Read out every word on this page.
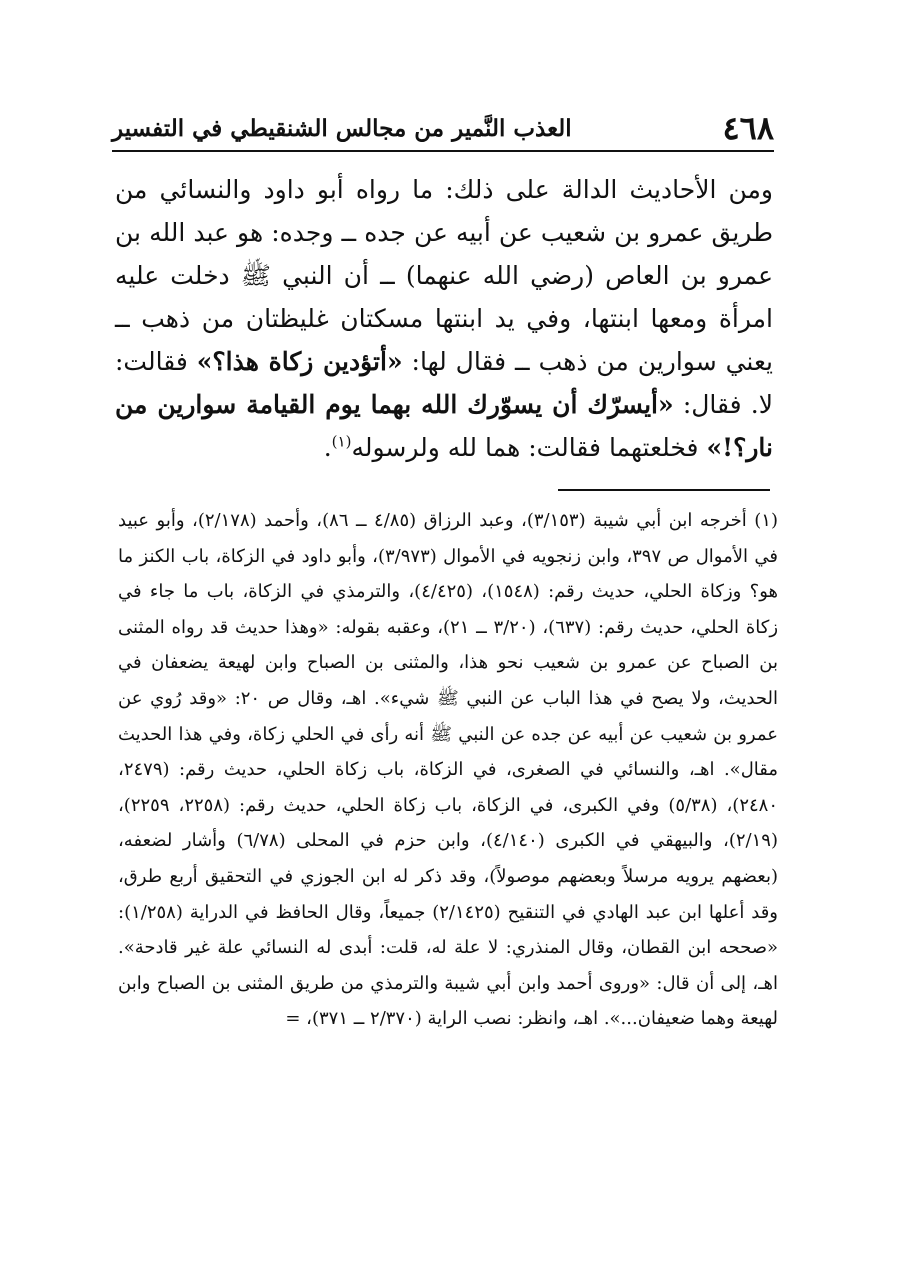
٤٦٨
العذب النَّمير من مجالس الشنقيطي في التفسير

ومن الأحاديث الدالة على ذلك: ما رواه أبو داود والنسائي من طريق عمرو بن شعيب عن أبيه عن جده ــ وجده: هو عبد الله بن عمرو بن العاص (رضي الله عنهما) ــ أن النبي ﷺ دخلت عليه امرأة ومعها ابنتها، وفي يد ابنتها مسكتان غليظتان من ذهب ــ يعني سوارين من ذهب ــ فقال لها: «أتؤدين زكاة هذا؟» فقالت: لا. فقال: «أيسرّك أن يسوّرك الله بهما يوم القيامة سوارين من نار؟!» فخلعتهما فقالت: هما لله ولرسوله$^{(١)}$.

(١) أخرجه ابن أبي شيبة (٣/١٥٣)، وعبد الرزاق (٤/٨٥ ــ ٨٦)، وأحمد (٢/١٧٨)، وأبو عبيد في الأموال ص ٣٩٧، وابن زنجويه في الأموال (٣/٩٧٣)، وأبو داود في الزكاة، باب الكنز ما هو؟ وزكاة الحلي، حديث رقم: (١٥٤٨)، (٤/٤٢٥)، والترمذي في الزكاة، باب ما جاء في زكاة الحلي، حديث رقم: (٦٣٧)، (٣/٢٠ ــ ٢١)، وعقبه بقوله: «وهذا حديث قد رواه المثنى بن الصباح عن عمرو بن شعيب نحو هذا، والمثنى بن الصباح وابن لهيعة يضعفان في الحديث، ولا يصح في هذا الباب عن النبي ﷺ شيء». اهـ، وقال ص ٢٠: «وقد رُوي عن عمرو بن شعيب عن أبيه عن جده عن النبي ﷺ أنه رأى في الحلي زكاة، وفي هذا الحديث مقال». اهـ، والنسائي في الصغرى، في الزكاة، باب زكاة الحلي، حديث رقم: (٢٤٧٩، ٢٤٨٠)، (٥/٣٨) وفي الكبرى، في الزكاة، باب زكاة الحلي، حديث رقم: (٢٢٥٨، ٢٢٥٩)، (٢/١٩)، والبيهقي في الكبرى (٤/١٤٠)، وابن حزم في المحلى (٦/٧٨) وأشار لضعفه، (بعضهم يرويه مرسلاً وبعضهم موصولاً)، وقد ذكر له ابن الجوزي في التحقيق أربع طرق، وقد أعلها ابن عبد الهادي في التنقيح (٢/١٤٢٥) جميعاً، وقال الحافظ في الدراية (١/٢٥٨): «صححه ابن القطان، وقال المنذري: لا علة له، قلت: أبدى له النسائي علة غير قادحة». اهـ، إلى أن قال: «وروى أحمد وابن أبي شيبة والترمذي من طريق المثنى بن الصباح وابن لهيعة وهما ضعيفان...». اهـ، وانظر: نصب الراية (٢/٣٧٠ ــ ٣٧١)، =
